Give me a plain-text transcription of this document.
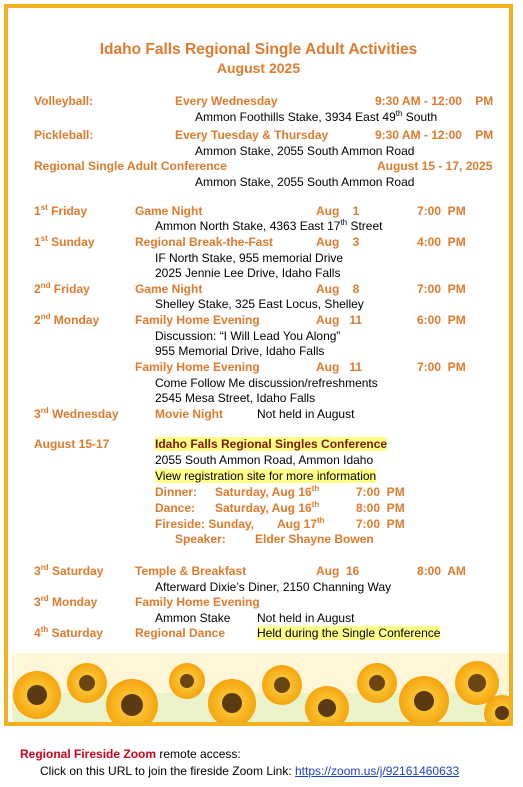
Idaho Falls Regional Single Adult Activities
August 2025
Volleyball:	Every Wednesday	9:30 AM - 12:00    PM
Ammon Foothills Stake, 3934 East 49th South
Pickleball:	Every Tuesday & Thursday	9:30 AM - 12:00    PM
Ammon Stake, 2055 South Ammon Road
Regional Single Adult Conference	August 15 - 17, 2025
Ammon Stake, 2055 South Ammon Road
1st Friday	Game Night	Aug    1	7:00  PM
Ammon North Stake, 4363 East 17th Street
1st Sunday	Regional Break-the-Fast	Aug    3	4:00  PM
IF North Stake, 955 memorial Drive
2025 Jennie Lee Drive, Idaho Falls
2nd Friday	Game Night	Aug    8	7:00  PM
Shelley Stake, 325 East Locus, Shelley
2nd Monday	Family Home Evening	Aug   11	6:00  PM
Discussion: “I Will Lead You Along”
955 Memorial Drive, Idaho Falls
Family Home Evening	Aug   11	7:00  PM
Come Follow Me discussion/refreshments
2545 Mesa Street, Idaho Falls
3rd Wednesday	Movie Night	Not held in August
August 15-17	Idaho Falls Regional Singles Conference
2055 South Ammon Road, Ammon Idaho
View registration site for more information
Dinner: Saturday, Aug 16th	7:00  PM
Dance: Saturday, Aug 16th	8:00  PM
Fireside: Sunday, Aug 17th	7:00  PM
Speaker: Elder Shayne Bowen
3rd Saturday	Temple & Breakfast	Aug  16	8:00  AM
Afterward Dixie’s Diner, 2150 Channing Way
3rd Monday	Family Home Evening
Ammon Stake Not held in August
4th Saturday	Regional Dance	Held during the Single Conference
Regional Fireside Zoom remote access:
Click on this URL to join the fireside Zoom Link: https://zoom.us/j/92161460633
